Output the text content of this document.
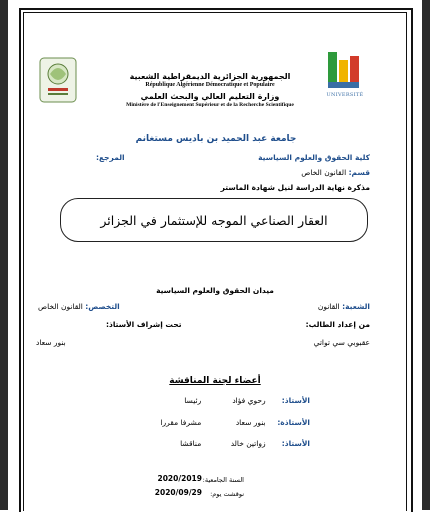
UNIVERSITÉ
الجمهورية الجزائرية الديمقراطية الشعبية
République Algérienne Démocratique et Populaire
وزارة التعليم العالي والبحث العلمي
Ministère de l'Enseignement Supérieur et de la Recherche Scientifique
جامعة عبد الحميد بن باديس مستغانم
كلية الحقوق والعلوم السياسية
المرجع:
قسم: القانون الخاص
مذكرة نهاية الدراسة لنيل شهادة الماستر
العقار الصناعي الموجه للإستثمار في الجزائر
ميدان الحقوق والعلوم السياسية
الشعبة: القانون
التخصص: القانون الخاص
من إعداد الطالب:
تحت إشراف الأستاذ:
عقبوبي سي تواتي
بنور سعاد
أعضاء لجنة المناقشة
الأستاذ: رحوي فؤاد رئيسا
الأستاذة: بنور سعاد مشرفا مقررا
الأستاذ: زواتين خالد مناقشا
السنة الجامعية:
2020/2019
نوقشت يوم:
2020/09/29
